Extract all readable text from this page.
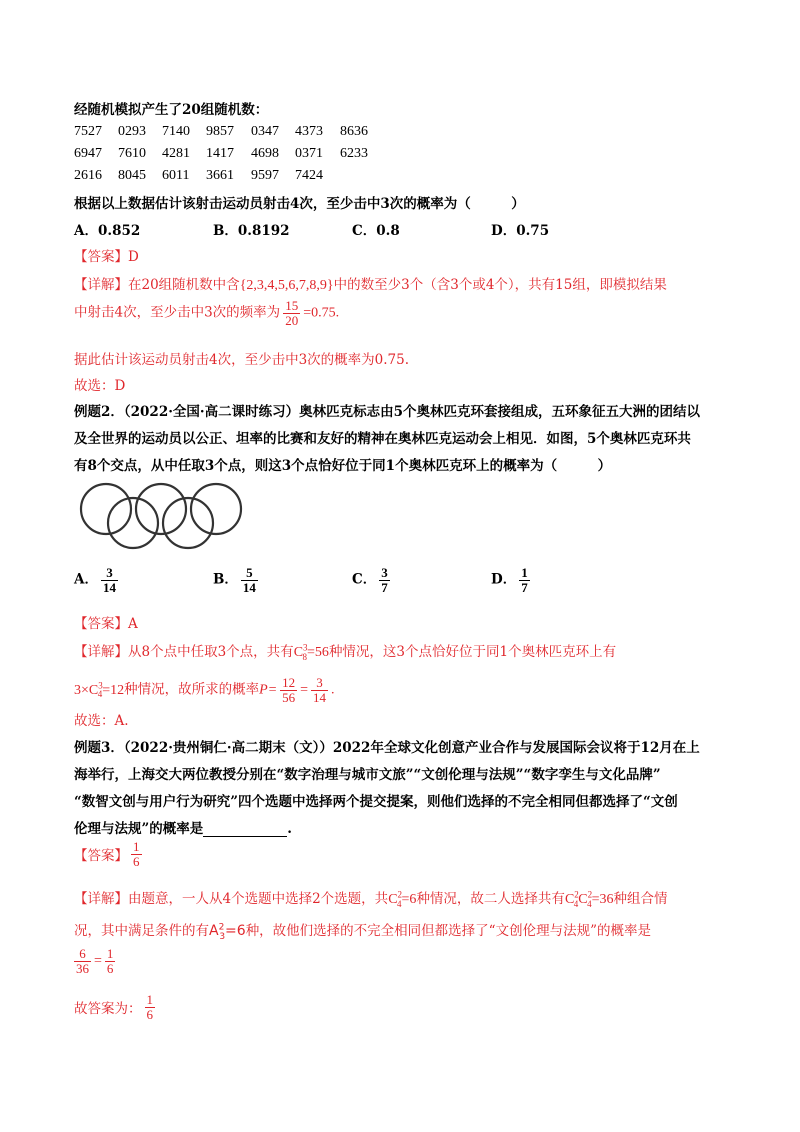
经随机模拟产生了20组随机数：
7527 0293 7140 9857 0347 4373 8636
6947 7610 4281 1417 4698 0371 6233
2616 8045 6011 3661 9597 7424
根据以上数据估计该射击运动员射击4次，至少击中3次的概率为（　　　）
A．0.852	B．0.8192	C．0.8	D．0.75
【答案】D
【详解】在20组随机数中含{2,3,4,5,6,7,8,9}中的数至少3个（含3个或4个），共有15组，即模拟结果
中射击4次，至少击中3次的频率为 $\frac{15}{20} =0.75$.
据此估计该运动员射击4次，至少击中3次的概率为0.75.
故选：D
例题2．（2022·全国·高二课时练习）奥林匹克标志由5个奥林匹克环套接组成，五环象征五大洲的团结以
及全世界的运动员以公正、坦率的比赛和友好的精神在奥林匹克运动会上相见．如图，5个奥林匹克环共
有8个交点，从中任取3个点，则这3个点恰好位于同1个奥林匹克环上的概率为（　　　）
A． $\frac{3}{14}$	B． $\frac{5}{14}$	C． $\frac{3}{7}$	D． $\frac{1}{7}$
【答案】A
【详解】从8个点中任取3个点，共有$C^3_8=56$种情况，这3个点恰好位于同1个奥林匹克环上有
$3\times C^3_4=12$种情况，故所求的概率$P= \frac{12}{56} = \frac{3}{14}$ .
故选：A.
例题3．（2022·贵州铜仁·高二期末（文））2022年全球文化创意产业合作与发展国际会议将于12月在上
海举行，上海交大两位教授分别在“数字治理与城市文旅”“文创伦理与法规”“数字孪生与文化品牌”
“数智文创与用户行为研究”四个选题中选择两个提交提案，则他们选择的不完全相同但都选择了“文创
伦理与法规”的概率是	.
【答案】 $\frac{1}{6}$
【详解】由题意，一人从4个选题中选择2个选题，共$C^2_4=6$种情况，故二人选择共有$C^2_4C^2_4=36$种组合情
况，其中满足条件的有$A^2_3=6$种，故他们选择的不完全相同但都选择了“文创伦理与法规”的概率是
$\frac{6}{36} = \frac{1}{6}$
故答案为： $\frac{1}{6}$
